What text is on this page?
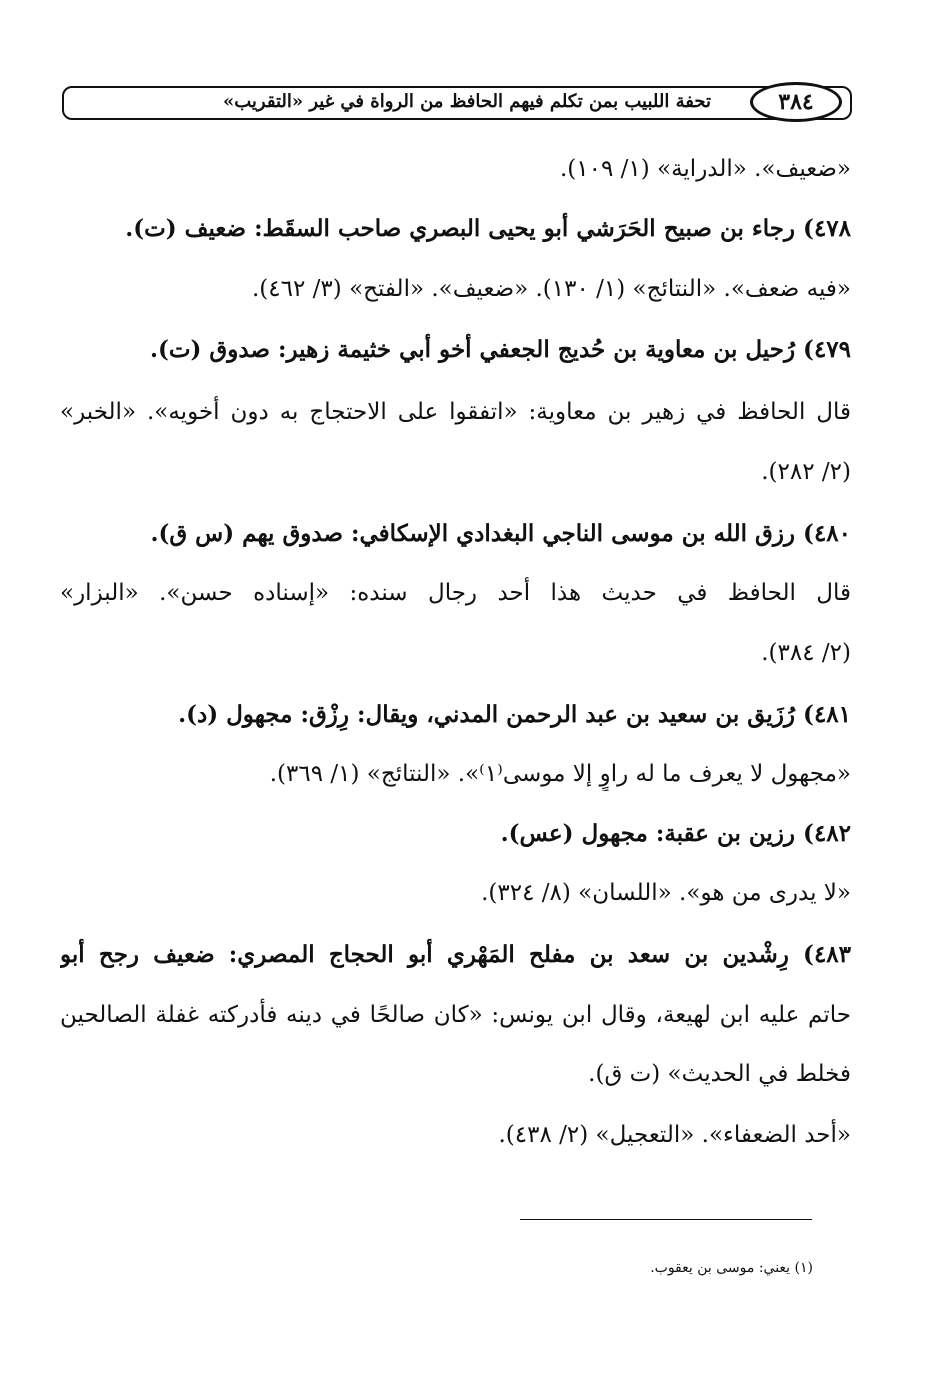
تحفة اللبيب بمن تكلم فيهم الحافظ من الرواة في غير «التقريب»	٣٨٤
«ضعيف». «الدراية» (١/ ١٠٩).
٤٧٨) رجاء بن صبيح الحَرَشي أبو يحيى البصري صاحب السقَط: ضعيف (ت).
«فيه ضعف». «النتائج» (١/ ١٣٠). «ضعيف». «الفتح» (٣/ ٤٦٢).
٤٧٩) رُحيل بن معاوية بن حُديج الجعفي أخو أبي خثيمة زهير: صدوق (ت).
قال الحافظ في زهير بن معاوية: «اتفقوا على الاحتجاج به دون أخويه». «الخبر»
(٢/ ٢٨٢).
٤٨٠) رزق الله بن موسى الناجي البغدادي الإسكافي: صدوق يهم (س ق).
قال الحافظ في حديث هذا أحد رجال سنده: «إسناده حسن». «البزار»
(٢/ ٣٨٤).
٤٨١) رُزَيق بن سعيد بن عبد الرحمن المدني، ويقال: رِزْق: مجهول (د).
«مجهول لا يعرف ما له راوٍ إلا موسى⁽١⁾». «النتائج» (١/ ٣٦٩).
٤٨٢) رزين بن عقبة: مجهول (عس).
«لا يدرى من هو». «اللسان» (٨/ ٣٢٤).
٤٨٣) رِشْدين بن سعد بن مفلح المَهْري أبو الحجاج المصري: ضعيف رجح أبو
حاتم عليه ابن لهيعة، وقال ابن يونس: «كان صالحًا في دينه فأدركته غفلة الصالحين
فخلط في الحديث» (ت ق).
«أحد الضعفاء». «التعجيل» (٢/ ٤٣٨).
(١) يعني: موسى بن يعقوب.
